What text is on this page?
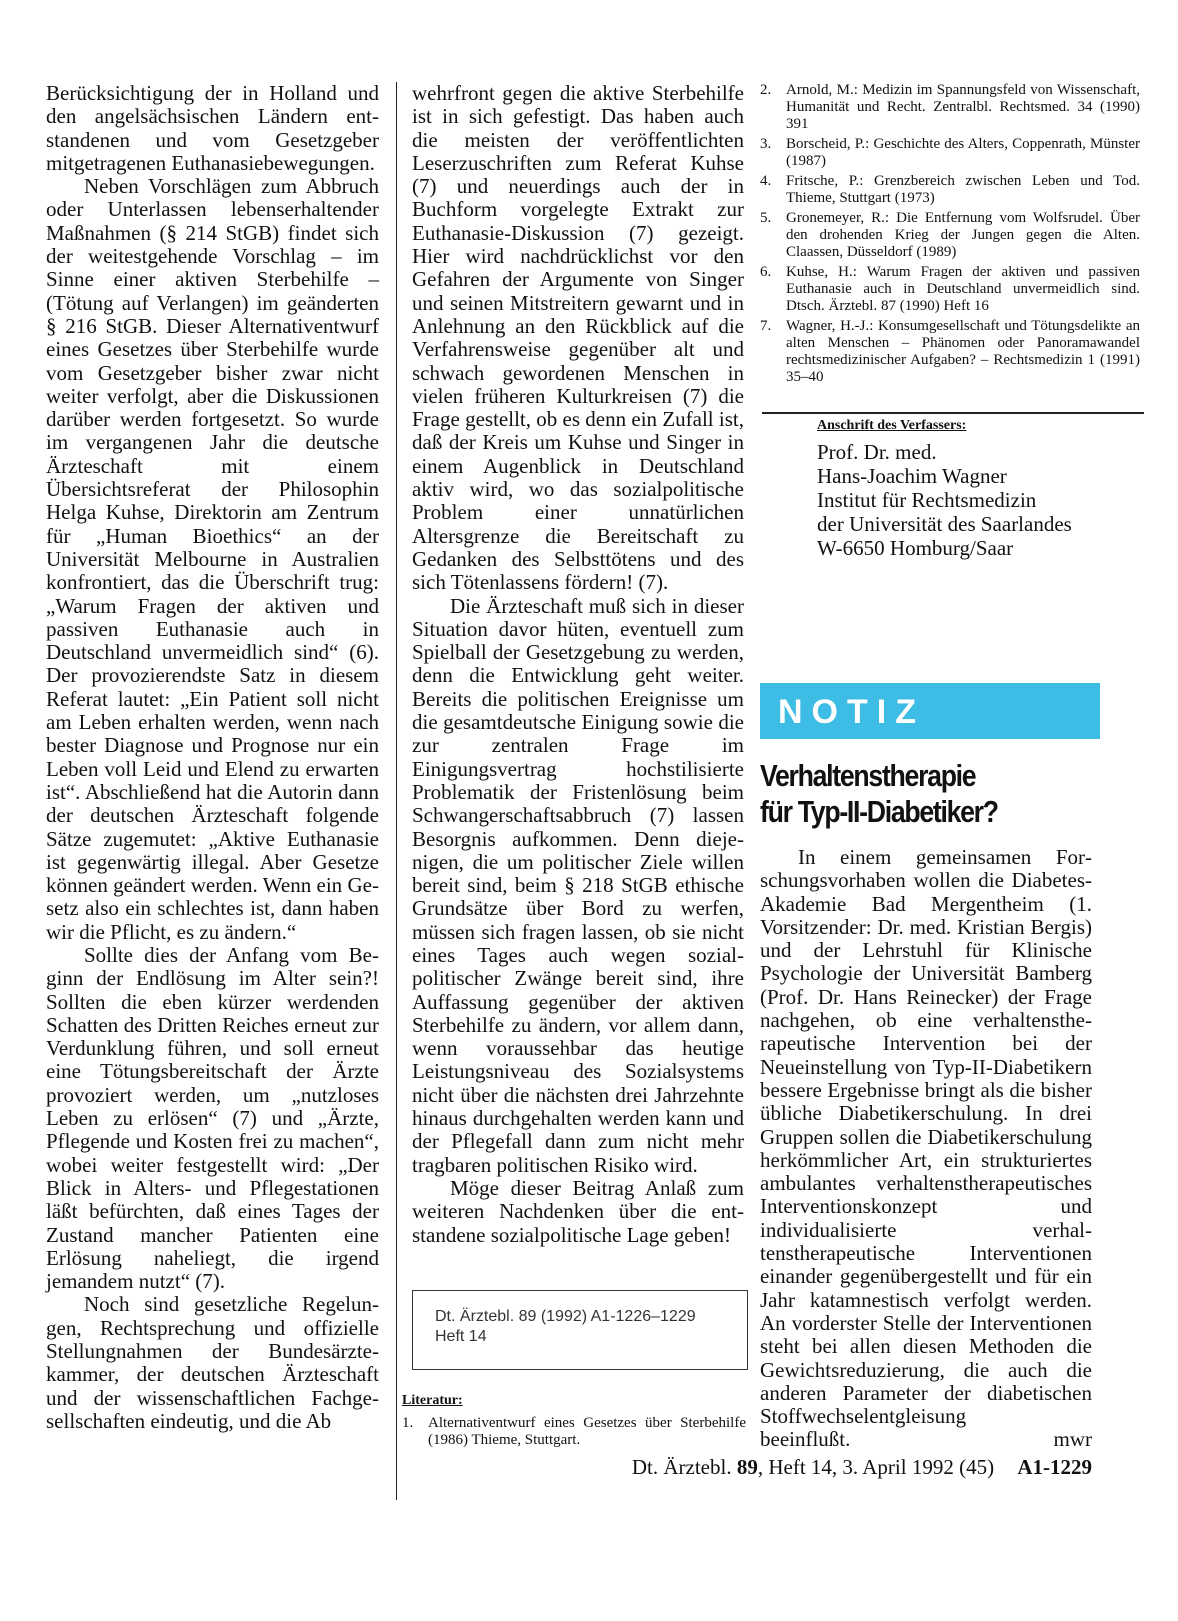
Berücksichtigung der in Holland und den angelsächsischen Ländern entstandenen und vom Gesetzgeber mitgetragenen Euthanasiebewegungen.

Neben Vorschlägen zum Abbruch oder Unterlassen lebenserhaltender Maßnahmen (§ 214 StGB) findet sich der weitestgehende Vorschlag – im Sinne einer aktiven Sterbehilfe – (Tötung auf Verlangen) im geänderten § 216 StGB. Dieser Alternativentwurf eines Gesetzes über Sterbehilfe wurde vom Gesetzgeber bisher zwar nicht weiter verfolgt, aber die Diskussionen darüber werden fortgesetzt. So wurde im vergangenen Jahr die deutsche Ärzteschaft mit einem Übersichtsreferat der Philosophin Helga Kuhse, Direktorin am Zentrum für „Human Bioethics“ an der Universität Melbourne in Australien konfrontiert, das die Überschrift trug: „Warum Fragen der aktiven und passiven Euthanasie auch in Deutschland unvermeidlich sind“ (6). Der provozierendste Satz in diesem Referat lautet: „Ein Patient soll nicht am Leben erhalten werden, wenn nach bester Diagnose und Prognose nur ein Leben voll Leid und Elend zu erwarten ist“. Abschließend hat die Autorin dann der deutschen Ärzteschaft folgende Sätze zugemutet: „Aktive Euthanasie ist gegenwärtig illegal. Aber Gesetze können geändert werden. Wenn ein Gesetz also ein schlechtes ist, dann haben wir die Pflicht, es zu ändern.“

Sollte dies der Anfang vom Beginn der Endlösung im Alter sein?! Sollten die eben kürzer werdenden Schatten des Dritten Reiches erneut zur Verdunklung führen, und soll erneut eine Tötungsbereitschaft der Ärzte provoziert werden, um „nutzloses Leben zu erlösen“ (7) und „Ärzte, Pflegende und Kosten frei zu machen“, wobei weiter festgestellt wird: „Der Blick in Alters- und Pflegestationen läßt befürchten, daß eines Tages der Zustand mancher Patienten eine Erlösung naheliegt, die irgend jemandem nutzt“ (7).

Noch sind gesetzliche Regelungen, Rechtsprechung und offizielle Stellungnahmen der Bundesärztekammer, der deutschen Ärzteschaft und der wissenschaftlichen Fachgesellschaften eindeutig, und die Ab

wehrfront gegen die aktive Sterbehilfe ist in sich gefestigt. Das haben auch die meisten der veröffentlichten Leserzuschriften zum Referat Kuhse (7) und neuerdings auch der in Buchform vorgelegte Extrakt zur Euthanasie-Diskussion (7) gezeigt. Hier wird nachdrücklichst vor den Gefahren der Argumente von Singer und seinen Mitstreitern gewarnt und in Anlehnung an den Rückblick auf die Verfahrensweise gegenüber alt und schwach gewordenen Menschen in vielen früheren Kulturkreisen (7) die Frage gestellt, ob es denn ein Zufall ist, daß der Kreis um Kuhse und Singer in einem Augenblick in Deutschland aktiv wird, wo das sozialpolitische Problem einer unnatürlichen Altersgrenze die Bereitschaft zu Gedanken des Selbsttötens und des sich Tötenlassens fördern! (7).

Die Ärzteschaft muß sich in dieser Situation davor hüten, eventuell zum Spielball der Gesetzgebung zu werden, denn die Entwicklung geht weiter. Bereits die politischen Ereignisse um die gesamtdeutsche Einigung sowie die zur zentralen Frage im Einigungsvertrag hochstilisierte Problematik der Fristenlösung beim Schwangerschaftsabbruch (7) lassen Besorgnis aufkommen. Denn diejenigen, die um politischer Ziele willen bereit sind, beim § 218 StGB ethische Grundsätze über Bord zu werfen, müssen sich fragen lassen, ob sie nicht eines Tages auch wegen sozialpolitischer Zwänge bereit sind, ihre Auffassung gegenüber der aktiven Sterbehilfe zu ändern, vor allem dann, wenn voraussehbar das heutige Leistungsniveau des Sozialsystems nicht über die nächsten drei Jahrzehnte hinaus durchgehalten werden kann und der Pflegefall dann zum nicht mehr tragbaren politischen Risiko wird.

Möge dieser Beitrag Anlaß zum weiteren Nachdenken über die entstandene sozialpolitische Lage geben!

Dt. Ärztebl. 89 (1992) A1-1226–1229
Heft 14
Literatur:
1. Alternativentwurf eines Gesetzes über Sterbehilfe (1986) Thieme, Stuttgart.
2. Arnold, M.: Medizin im Spannungsfeld von Wissenschaft, Humanität und Recht. Zentralbl. Rechtsmed. 34 (1990) 391
3. Borscheid, P.: Geschichte des Alters, Coppenrath, Münster (1987)
4. Fritsche, P.: Grenzbereich zwischen Leben und Tod. Thieme, Stuttgart (1973)
5. Gronemeyer, R.: Die Entfernung vom Wolfsrudel. Über den drohenden Krieg der Jungen gegen die Alten. Claassen, Düsseldorf (1989)
6. Kuhse, H.: Warum Fragen der aktiven und passiven Euthanasie auch in Deutschland unvermeidlich sind. Dtsch. Ärztebl. 87 (1990) Heft 16
7. Wagner, H.-J.: Konsumgesellschaft und Tötungsdelikte an alten Menschen – Phänomen oder Panoramawandel rechtsmedizinischer Aufgaben? – Rechtsmedizin 1 (1991) 35–40
Anschrift des Verfassers:
Prof. Dr. med.
Hans-Joachim Wagner
Institut für Rechtsmedizin
der Universität des Saarlandes
W-6650 Homburg/Saar
NOTIZ
Verhaltenstherapie
für Typ-II-Diabetiker?

In einem gemeinsamen Forschungsvorhaben wollen die Diabetes-Akademie Bad Mergentheim (1. Vorsitzender: Dr. med. Kristian Bergis) und der Lehrstuhl für Klinische Psychologie der Universität Bamberg (Prof. Dr. Hans Reinecker) der Frage nachgehen, ob eine verhaltenstherapeutische Intervention bei der Neueinstellung von Typ-II-Diabetikern bessere Ergebnisse bringt als die bisher übliche Diabetikerschulung. In drei Gruppen sollen die Diabetikerschulung herkömmlicher Art, ein strukturiertes ambulantes verhaltenstherapeutisches Interventionskonzept und individualisierte verhaltenstherapeutische Interventionen einander gegenübergestellt und für ein Jahr katamnestisch verfolgt werden. An vorderster Stelle der Interventionen steht bei allen diesen Methoden die Gewichtsreduzierung, die auch die anderen Parameter der diabetischen Stoffwechselentgleisung

beeinflußt.	mwr

Dt. Ärztebl. 89, Heft 14, 3. April 1992 (45) A1-1229
